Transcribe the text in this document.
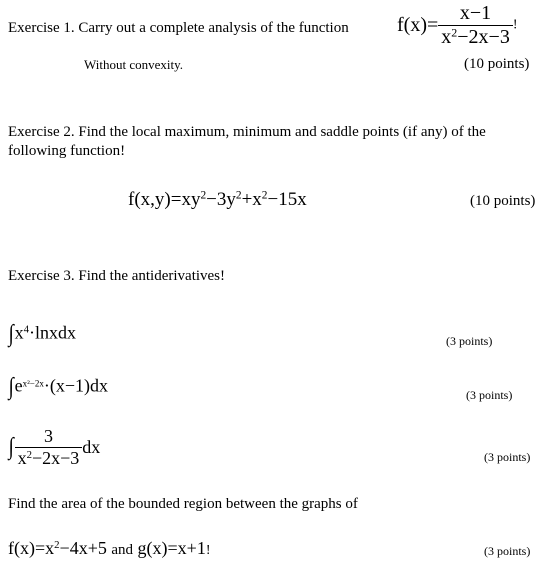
Exercise 1. Carry out a complete analysis of the function $f(x)= \frac{x-1}{x^2-2x-3}$ !
Without convexity.	(10 points)
Exercise 2. Find the local maximum, minimum and saddle points (if any) of the
following function!
$f(x,y)=xy^2-3y^2+x^2-15x$	(10 points)
Exercise 3. Find the antiderivatives!
$\int x^4\cdot lnxdx$	(3 points)
$\int e^{x^2-2x}\cdot(x-1)dx$	(3 points)
∫ $\frac{3}{x^2-2x-3}$ dx	(3 points)
Find the area of the bounded region between the graphs of
$f(x)=x^2-4x+5$ and g(x)=x+1!	(3 points)
